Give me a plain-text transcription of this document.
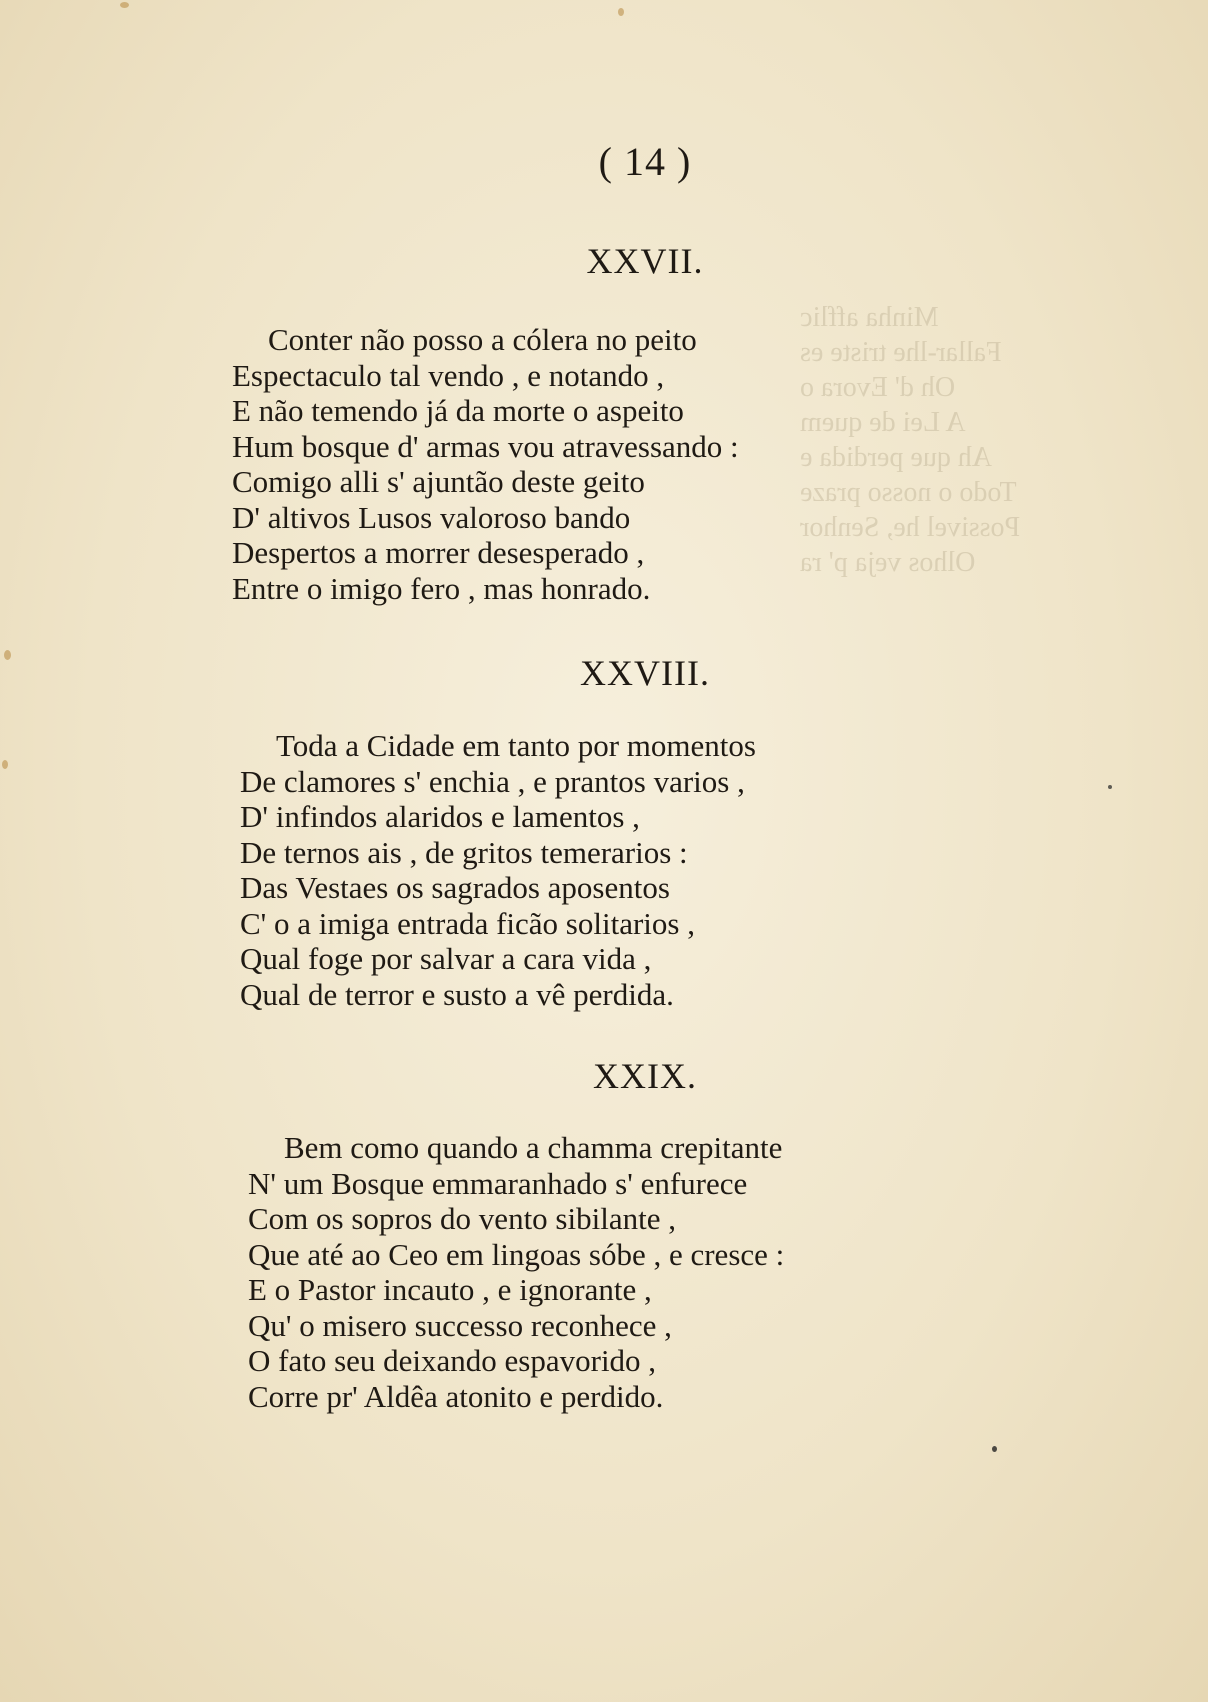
Minha afflic
Fallar-lhe triste es
Oh d' Evora o
A Lei de quem
Ah que perdida e
Todo o nosso praze
Possivel he, Senhor
Olhos veja p' ra
( 14 )
XXVII.
Conter não posso a cólera no peito
Espectaculo tal vendo , e notando ,
E não temendo já da morte o aspeito
Hum bosque d' armas vou atravessando :
Comigo alli s' ajuntão deste geito
D' altivos Lusos valoroso bando
Despertos a morrer desesperado ,
Entre o imigo fero , mas honrado.
XXVIII.
Toda a Cidade em tanto por momentos
De clamores s' enchia , e prantos varios ,
D' infindos alaridos e lamentos ,
De ternos ais , de gritos temerarios :
Das Vestaes os sagrados aposentos
C' o a imiga entrada ficão solitarios ,
Qual foge por salvar a cara vida ,
Qual de terror e susto a vê perdida.
XXIX.
Bem como quando a chamma crepitante
N' um Bosque emmaranhado s' enfurece
Com os sopros do vento sibilante ,
Que até ao Ceo em lingoas sóbe , e cresce :
E o Pastor incauto , e ignorante ,
Qu' o misero successo reconhece ,
O fato seu deixando espavorido ,
Corre pr' Aldêa atonito e perdido.
